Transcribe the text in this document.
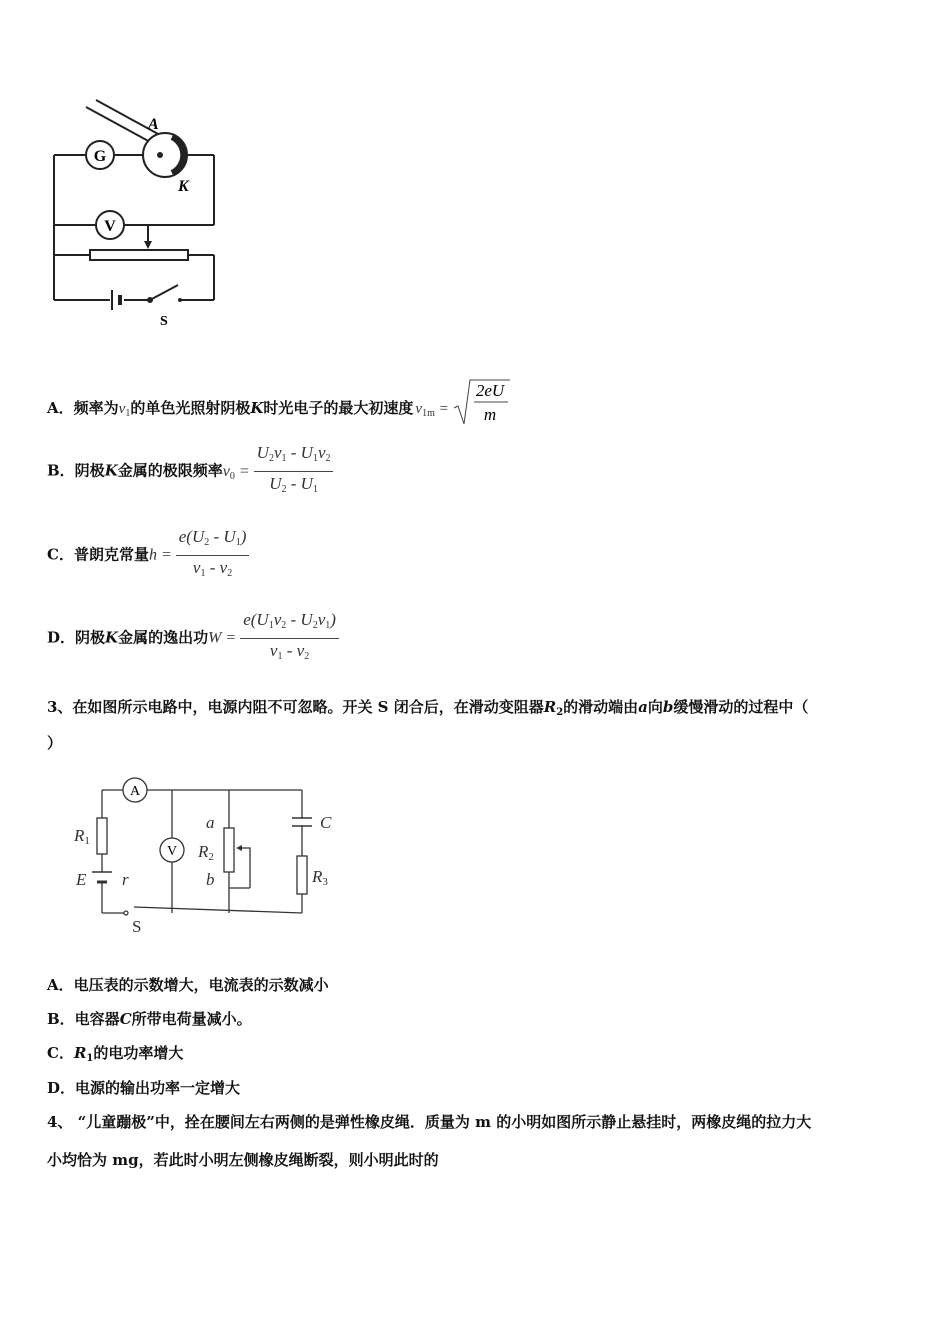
G
A
K
V
S
A．频率为$v_1$的单色光照射阴极K时光电子的最大初速度 $v_{1m}$ =
2eU
m
B．阴极K金属的极限频率$v_0 = \frac{U_2v_1 - U_1v_2}{U_2 - U_1}$
C．普朗克常量$h = \frac{e(U_2 - U_1)}{v_1 - v_2}$
D．阴极K金属的逸出功$W = \frac{e(U_1v_2 - U_2v_1)}{v_1 - v_2}$
3、在如图所示电路中，电源内阻不可忽略。开关 S 闭合后，在滑动变阻器$R_2$的滑动端由a向b缓慢滑动的过程中（
）
A
V
R1
E r
a
R2
b
C
R3
S
A．电压表的示数增大，电流表的示数减小
B．电容器C所带电荷量减小。
C．$R_1$的电功率增大
D．电源的输出功率一定增大
4、 “儿童蹦极”中，拴在腰间左右两侧的是弹性橡皮绳．质量为 m 的小明如图所示静止悬挂时，两橡皮绳的拉力大
小均恰为 mg，若此时小明左侧橡皮绳断裂，则小明此时的
